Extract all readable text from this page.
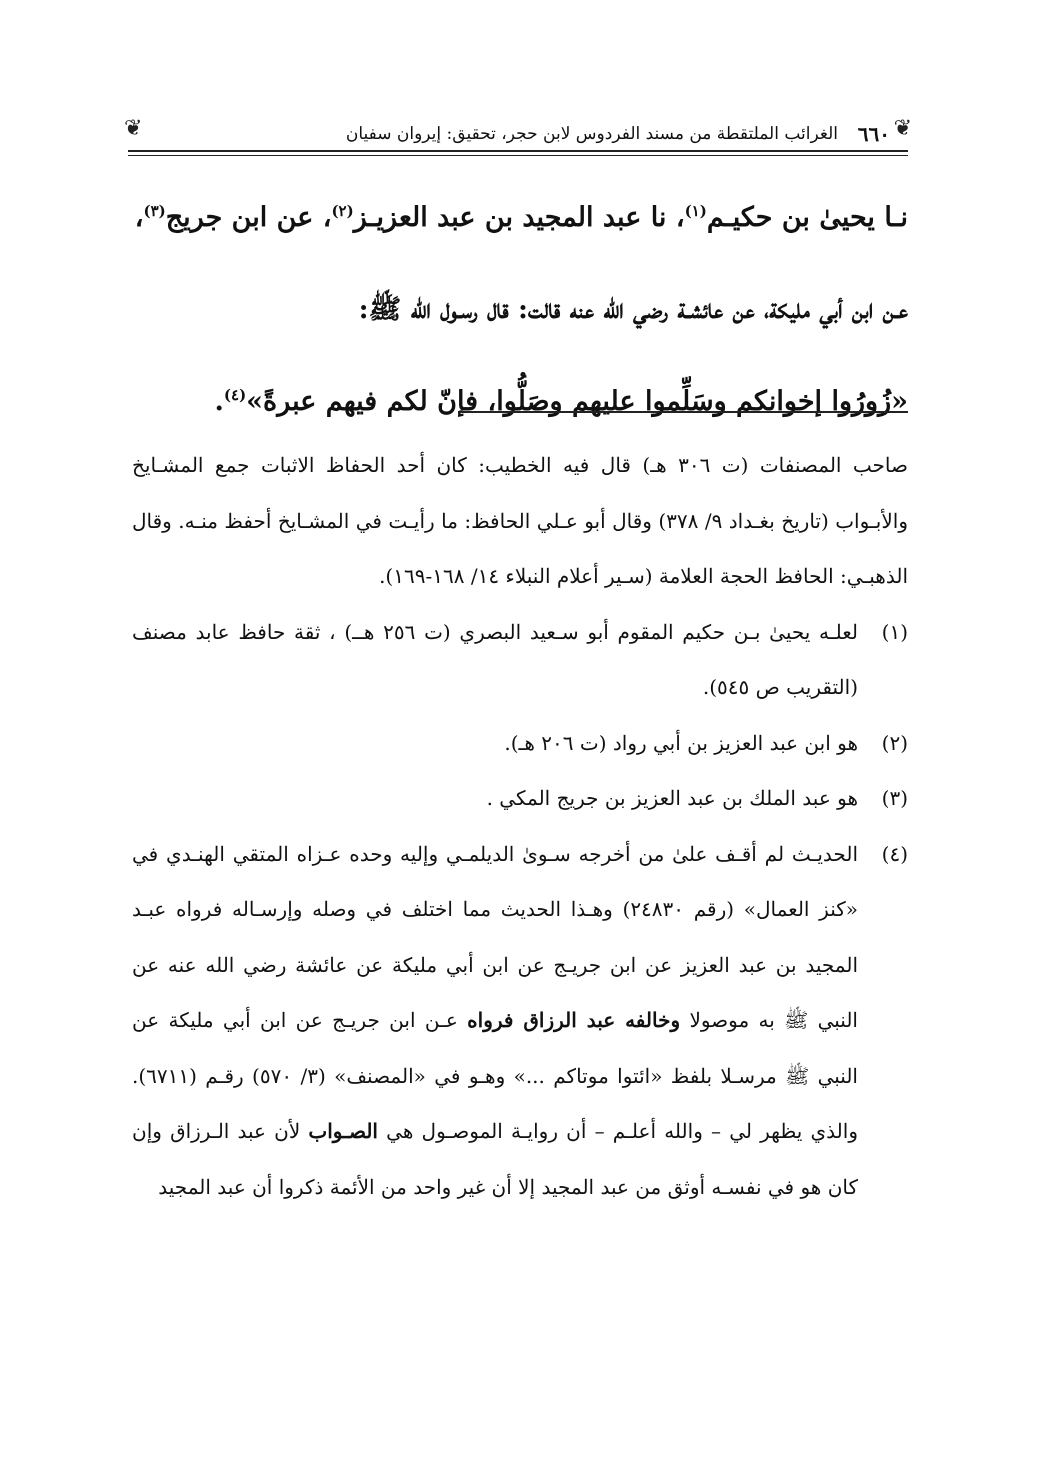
❦
٦٦٠
الغرائب الملتقطة من مسند الفردوس لابن حجر، تحقيق: إيروان سفيان
❦

نـا يحيىٰ بن حكيـم$^{(١)}$، نا عبد المجيد بن عبد العزيـز$^{(٢)}$، عن ابن جريج$^{(٣)}$،

عـن ابن أبي مليكة، عن عائشـة رضي الله عنه قالت: قال رسـول الله ﷺ:

«زُورُوا إخوانكم وسَلِّموا عليهم وصَلُّوا، فإنّ لكم فيهم عبرةً»$^{(٤)}$.

صاحب المصنفات (ت ٣٠٦ هـ) قال فيه الخطيب: كان أحد الحفاظ الاثبات جمع المشـايخ والأبـواب (تاريخ بغـداد ٩/ ٣٧٨) وقال أبو عـلي الحافظ: ما رأيـت في المشـايخ أحفظ منـه. وقال الذهبـي: الحافظ الحجة العلامة (سـير أعلام النبلاء ١٤/ ١٦٨-١٦٩).

(١)
لعلـه يحيىٰ بـن حكيم المقوم أبو سـعيد البصري (ت ٢٥٦ هــ) ، ثقة حافظ عابد مصنف (التقريب ص ٥٤٥).

(٢)
هو ابن عبد العزيز بن أبي رواد (ت ٢٠٦ هـ).

(٣)
هو عبد الملك بن عبد العزيز بن جريج المكي .

(٤)
الحديـث لم أقـف علىٰ من أخرجه سـوىٰ الديلمـي وإليه وحده عـزاه المتقي الهنـدي في «كنز العمال» (رقم ٢٤٨٣٠) وهـذا الحديث مما اختلف في وصله وإرسـاله فرواه عبـد المجيد بن عبد العزيز عن ابن جريـج عن ابن أبي مليكة عن عائشة رضي الله عنه عن النبي ﷺ به موصولا وخالفه عبد الرزاق فرواه عـن ابن جريـج عن ابن أبي مليكة عن النبي ﷺ مرسـلا بلفظ «ائتوا موتاكم ...» وهـو في «المصنف» (٣/ ٥٧٠) رقـم (٦٧١١). والذي يظهر لي – والله أعلـم – أن روايـة الموصـول هي الصـواب لأن عبد الـرزاق وإن كان هو في نفسـه أوثق من عبد المجيد إلا أن غير واحد من الأئمة ذكروا أن عبد المجيد
